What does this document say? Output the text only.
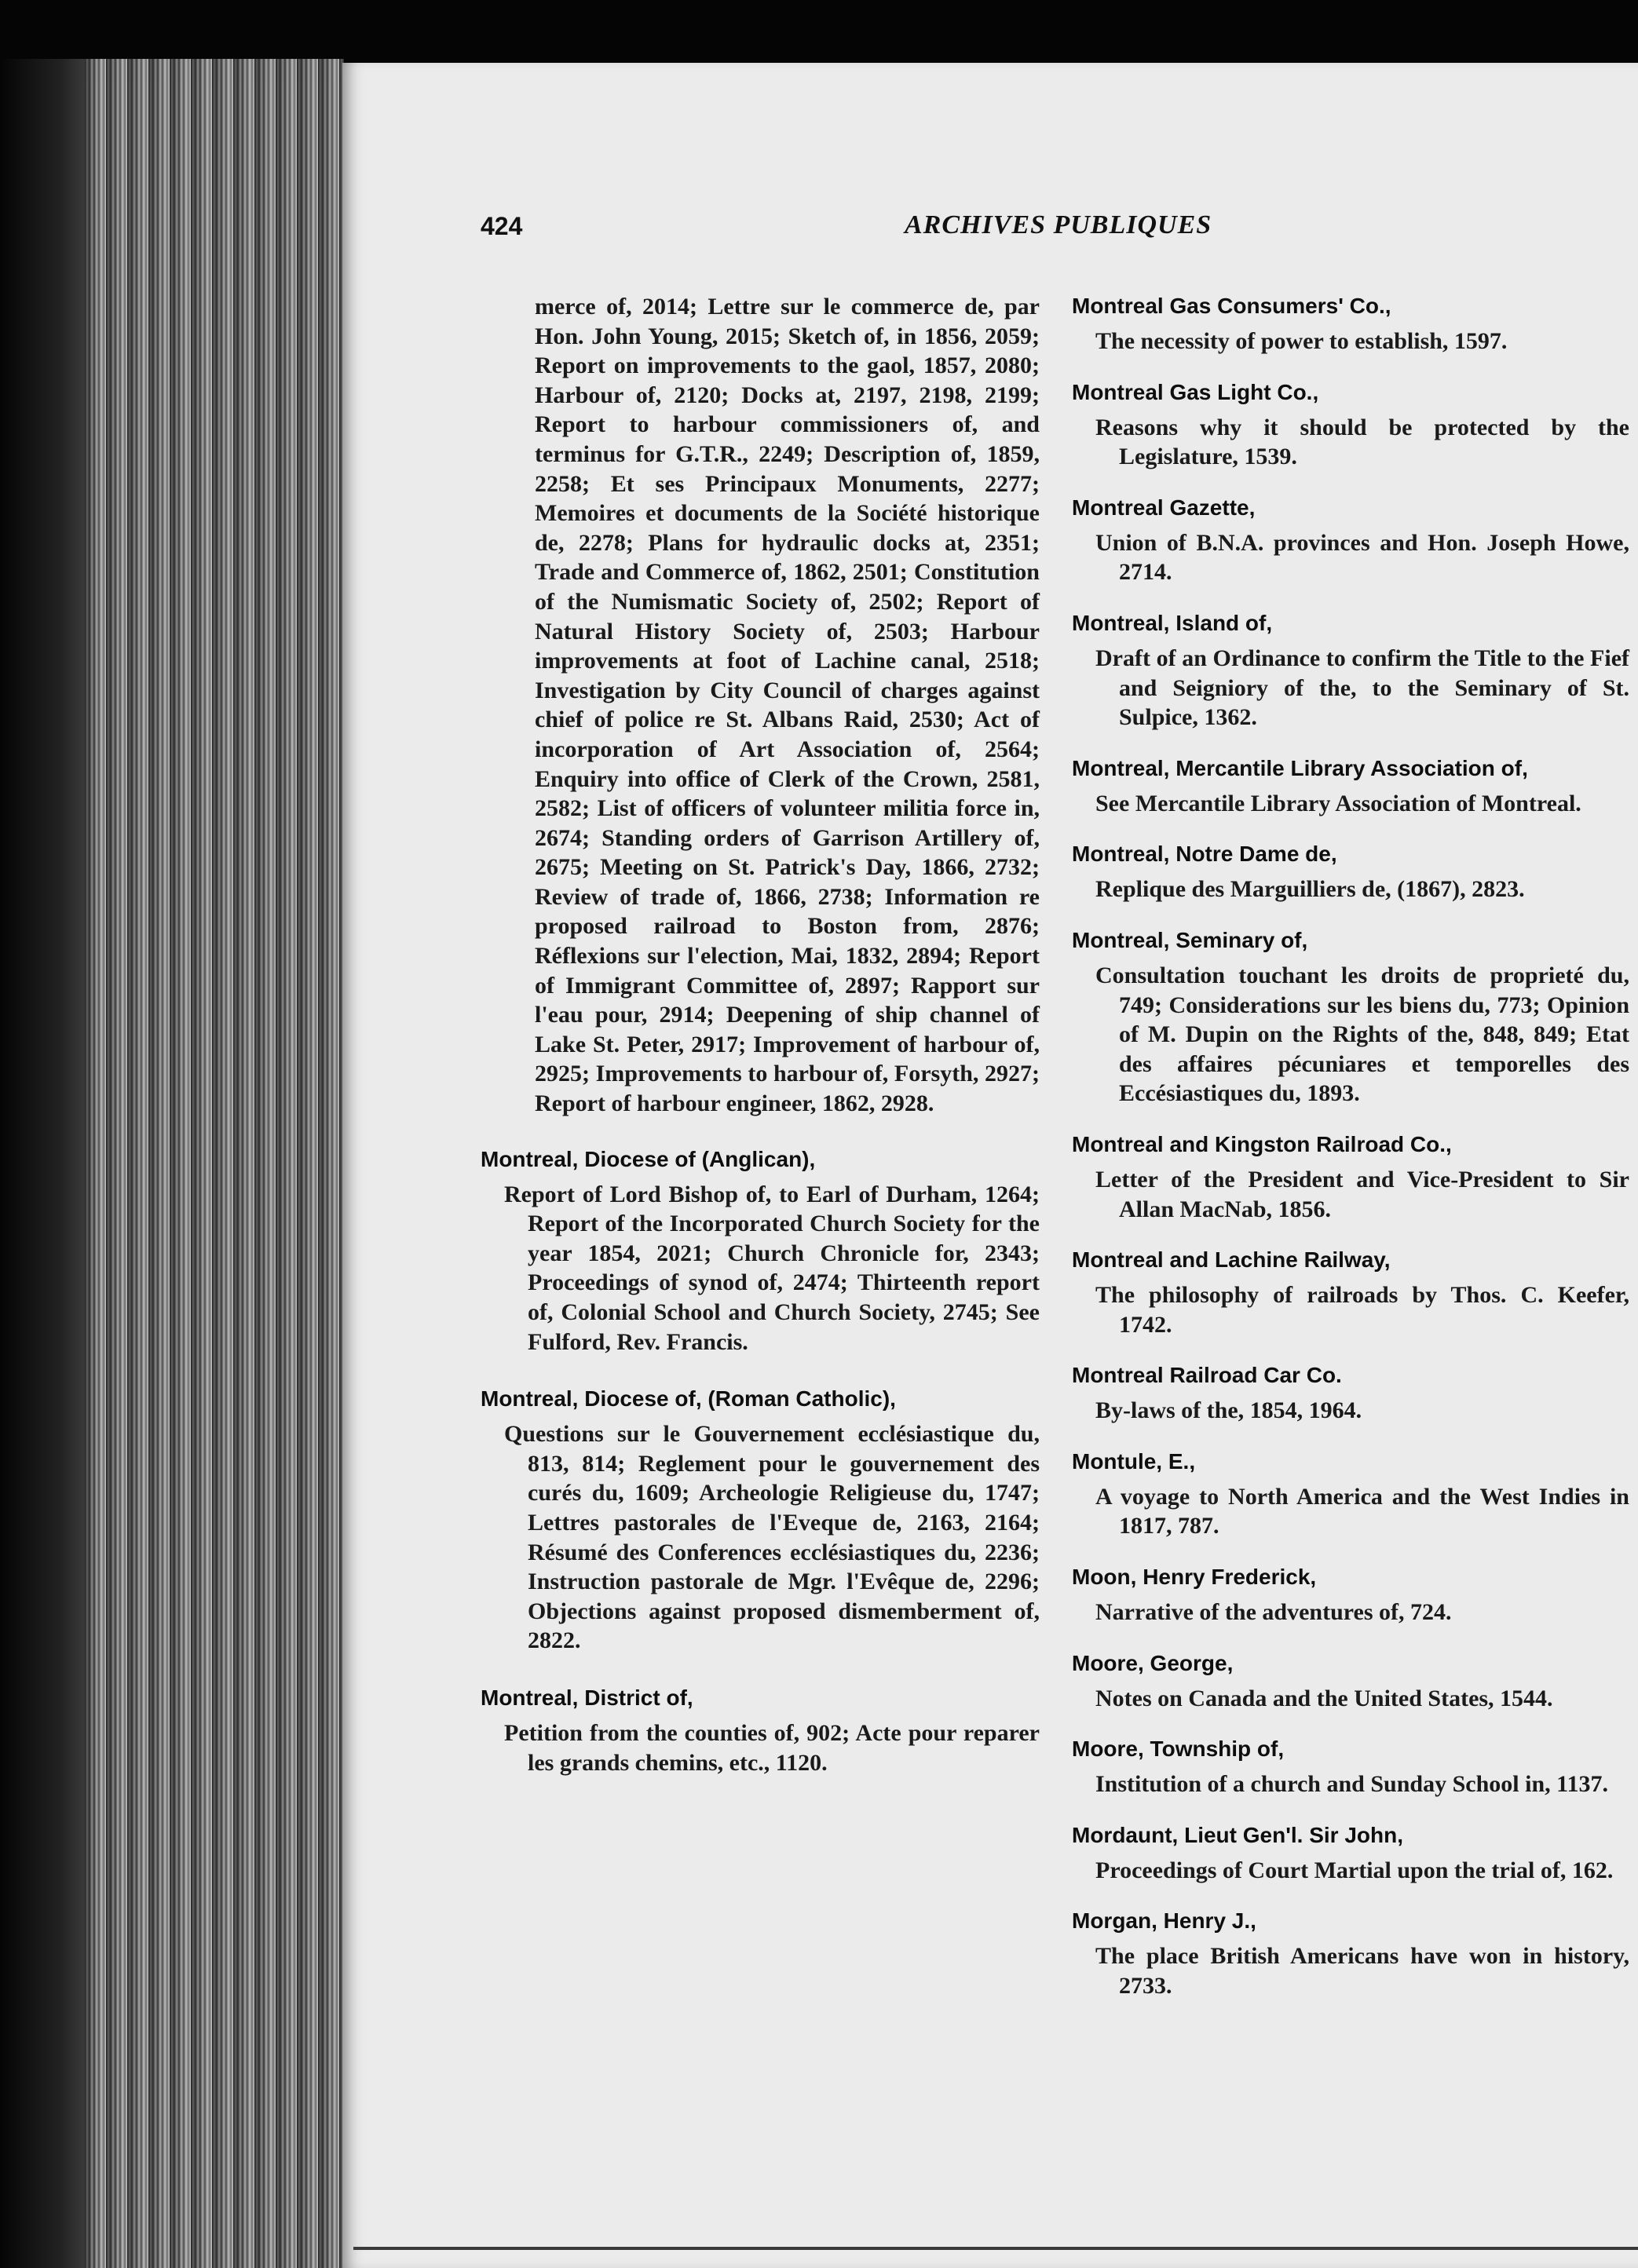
424	ARCHIVES PUBLIQUES
merce of, 2014; Lettre sur le commerce de, par Hon. John Young, 2015; Sketch of, in 1856, 2059; Report on improvements to the gaol, 1857, 2080; Harbour of, 2120; Docks at, 2197, 2198, 2199; Report to harbour commissioners of, and terminus for G.T.R., 2249; Description of, 1859, 2258; Et ses Principaux Monuments, 2277; Memoires et documents de la Société historique de, 2278; Plans for hydraulic docks at, 2351; Trade and Commerce of, 1862, 2501; Constitution of the Numismatic Society of, 2502; Report of Natural History Society of, 2503; Harbour improvements at foot of Lachine canal, 2518; Investigation by City Council of charges against chief of police re St. Albans Raid, 2530; Act of incorporation of Art Association of, 2564; Enquiry into office of Clerk of the Crown, 2581, 2582; List of officers of volunteer militia force in, 2674; Standing orders of Garrison Artillery of, 2675; Meeting on St. Patrick's Day, 1866, 2732; Review of trade of, 1866, 2738; Information re proposed railroad to Boston from, 2876; Réflexions sur l'election, Mai, 1832, 2894; Report of Immigrant Committee of, 2897; Rapport sur l'eau pour, 2914; Deepening of ship channel of Lake St. Peter, 2917; Improvement of harbour of, 2925; Improvements to harbour of, Forsyth, 2927; Report of harbour engineer, 1862, 2928.
Montreal, Diocese of (Anglican),
Report of Lord Bishop of, to Earl of Durham, 1264; Report of the Incorporated Church Society for the year 1854, 2021; Church Chronicle for, 2343; Proceedings of synod of, 2474; Thirteenth report of, Colonial School and Church Society, 2745; See Fulford, Rev. Francis.
Montreal, Diocese of, (Roman Catholic),
Questions sur le Gouvernement ecclésiastique du, 813, 814; Reglement pour le gouvernement des curés du, 1609; Archeologie Religieuse du, 1747; Lettres pastorales de l'Eveque de, 2163, 2164; Résumé des Conferences ecclésiastiques du, 2236; Instruction pastorale de Mgr. l'Evêque de, 2296; Objections against proposed dismemberment of, 2822.
Montreal, District of,
Petition from the counties of, 902; Acte pour reparer les grands chemins, etc., 1120.
Montreal Gas Consumers' Co.,
The necessity of power to establish, 1597.
Montreal Gas Light Co.,
Reasons why it should be protected by the Legislature, 1539.
Montreal Gazette,
Union of B.N.A. provinces and Hon. Joseph Howe, 2714.
Montreal, Island of,
Draft of an Ordinance to confirm the Title to the Fief and Seigniory of the, to the Seminary of St. Sulpice, 1362.
Montreal, Mercantile Library Association of,
See Mercantile Library Association of Montreal.
Montreal, Notre Dame de,
Replique des Marguilliers de, (1867), 2823.
Montreal, Seminary of,
Consultation touchant les droits de proprieté du, 749; Considerations sur les biens du, 773; Opinion of M. Dupin on the Rights of the, 848, 849; Etat des affaires pécuniares et temporelles des Eccésiastiques du, 1893.
Montreal and Kingston Railroad Co.,
Letter of the President and Vice-President to Sir Allan MacNab, 1856.
Montreal and Lachine Railway,
The philosophy of railroads by Thos. C. Keefer, 1742.
Montreal Railroad Car Co.
By-laws of the, 1854, 1964.
Montule, E.,
A voyage to North America and the West Indies in 1817, 787.
Moon, Henry Frederick,
Narrative of the adventures of, 724.
Moore, George,
Notes on Canada and the United States, 1544.
Moore, Township of,
Institution of a church and Sunday School in, 1137.
Mordaunt, Lieut Gen'l. Sir John,
Proceedings of Court Martial upon the trial of, 162.
Morgan, Henry J.,
The place British Americans have won in history, 2733.
